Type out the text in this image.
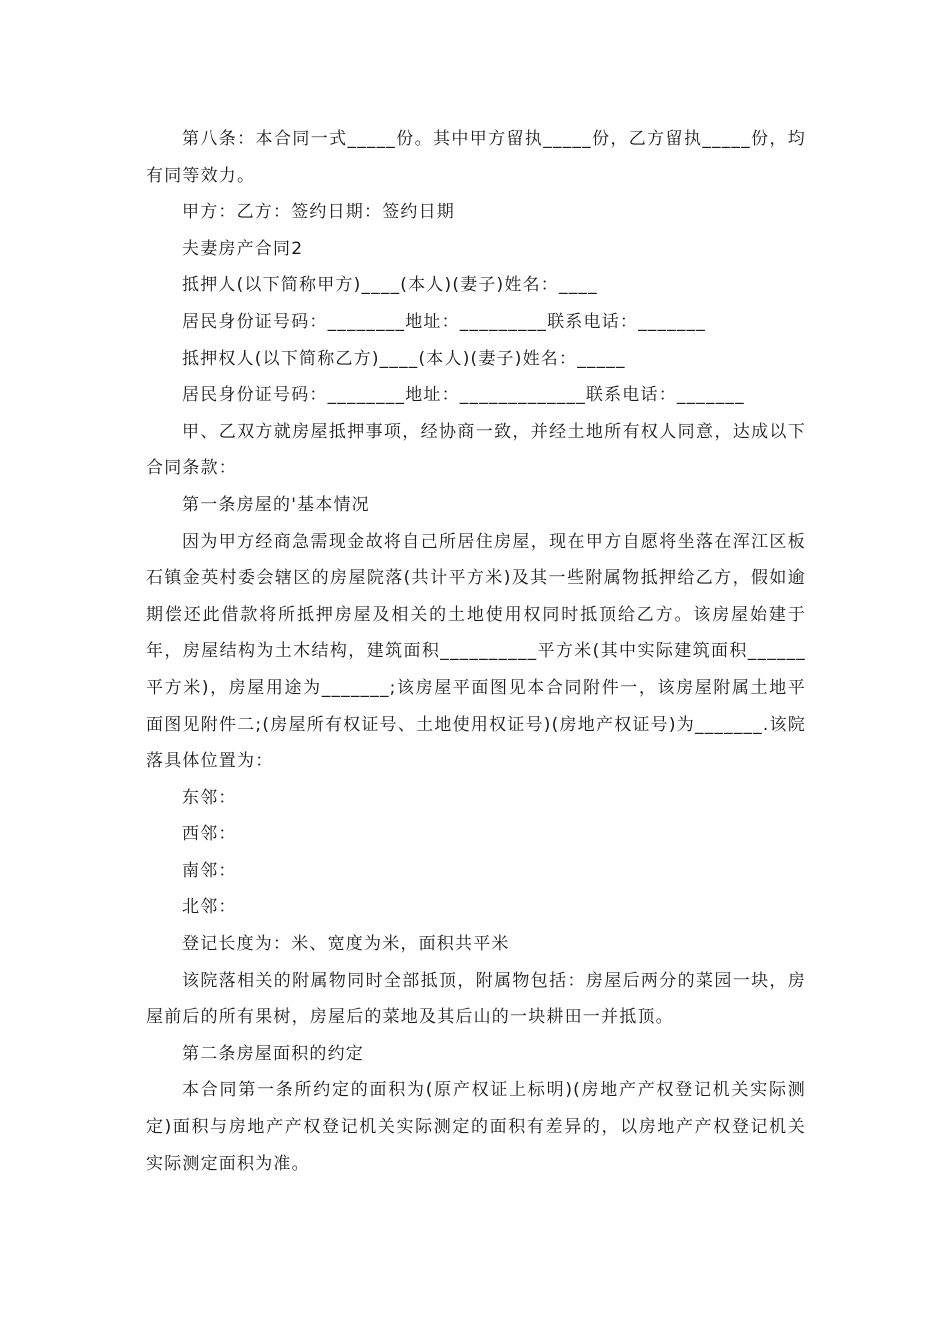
第八条：本合同一式_____份。其中甲方留执_____份，乙方留执_____份，均有同等效力。

甲方：乙方：签约日期：签约日期

夫妻房产合同2

抵押人(以下简称甲方)____(本人)(妻子)姓名：____

居民身份证号码：________地址：_________联系电话：_______

抵押权人(以下简称乙方)____(本人)(妻子)姓名：_____

居民身份证号码：________地址：_____________联系电话：_______

甲、乙双方就房屋抵押事项，经协商一致，并经土地所有权人同意，达成以下合同条款：

第一条房屋的'基本情况

因为甲方经商急需现金故将自己所居住房屋，现在甲方自愿将坐落在浑江区板石镇金英村委会辖区的房屋院落(共计平方米)及其一些附属物抵押给乙方，假如逾期偿还此借款将所抵押房屋及相关的土地使用权同时抵顶给乙方。该房屋始建于年，房屋结构为土木结构，建筑面积__________平方米(其中实际建筑面积______平方米)，房屋用途为_______;该房屋平面图见本合同附件一，该房屋附属土地平面图见附件二;(房屋所有权证号、土地使用权证号)(房地产权证号)为_______.该院落具体位置为：

东邻：

西邻：

南邻：

北邻：

登记长度为：米、宽度为米，面积共平米

该院落相关的附属物同时全部抵顶，附属物包括：房屋后两分的菜园一块，房屋前后的所有果树，房屋后的菜地及其后山的一块耕田一并抵顶。

第二条房屋面积的约定

本合同第一条所约定的面积为(原产权证上标明)(房地产产权登记机关实际测定)面积与房地产产权登记机关实际测定的面积有差异的，以房地产产权登记机关实际测定面积为准。
